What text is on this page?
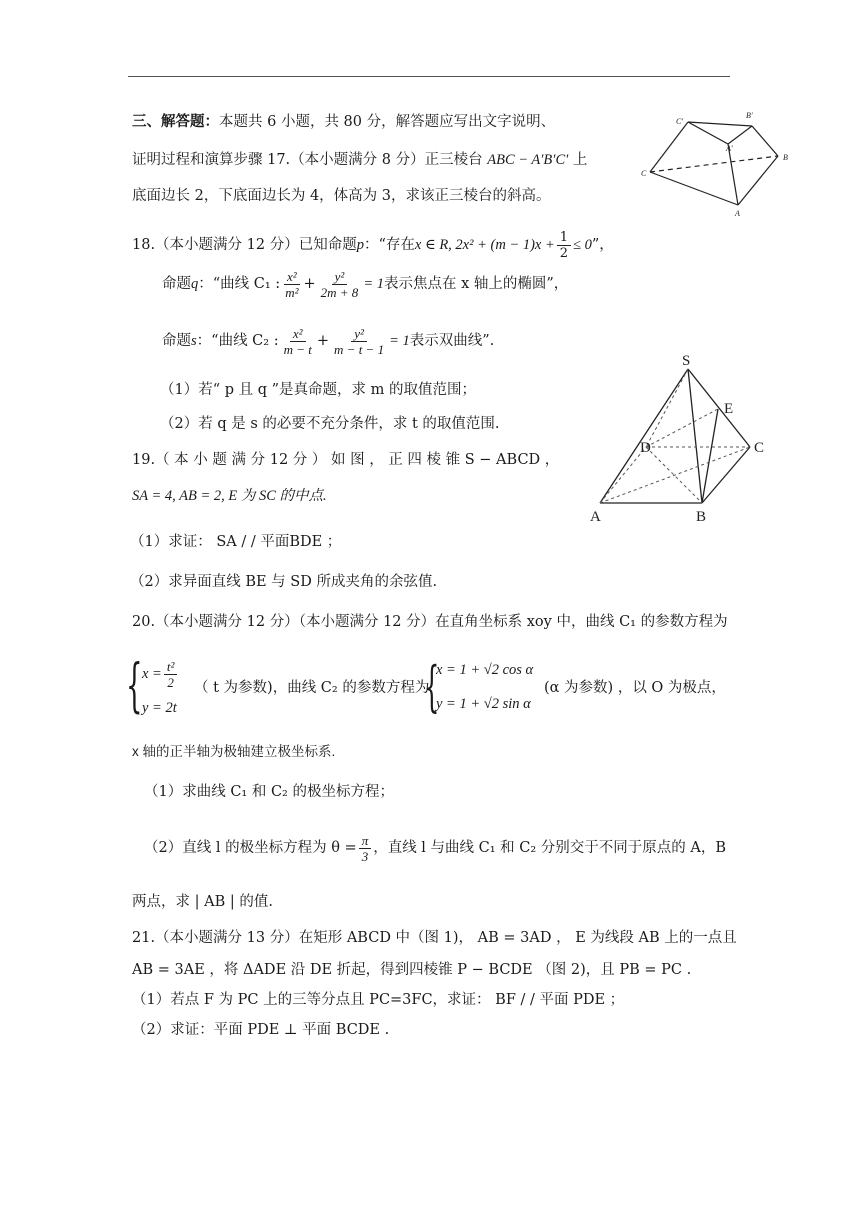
三、解答题：本题共 6 小题，共 80 分，解答题应写出文字说明、
证明过程和演算步骤 17.（本小题满分 8 分）正三棱台 ABC − A′B′C′ 上
底面边长 2，下底面边长为 4，体高为 3，求该正三棱台的斜高。
C′
B′
A′
C
B
A
18.（本小题满分 12 分）已知命题 p ：“存在 x ∈ R, $2x^2 + (m - 1)x + \frac{1}{2} \le 0$ ”，
命题 q ：“曲线 C₁ : $\frac{\text{x²}}{\text{m²}} + \frac{\text{y²}}{2m + 8} = 1$ 表示焦点在 x 轴上的椭圆”，
命题 s ：“曲线 C₂ : $\frac{\text{x²}}{m - t} + \frac{\text{y²}}{m - t - 1} = 1$ 表示双曲线”.
（1）若“ p 且 q ”是真命题，求 m 的取值范围；
（2）若 q 是 s 的必要不充分条件，求 t 的取值范围.
S
E
D	C
A	B
19.（ 本 小 题 满 分 12 分 ） 如 图 ， 正 四 棱 锥 S − ABCD ，
SA = 4, AB = 2, E 为 SC 的中点.
（1）求证： SA / / 平面BDE ；
（2）求异面直线 BE 与 SD 所成夹角的余弦值.
20.（本小题满分 12 分）（本小题满分 12 分）在直角坐标系 xoy 中，曲线 C₁ 的参数方程为
{ $x = \frac{\text{t²}}{2}$
y = 2t
（ t 为参数)，曲线 C₂ 的参数方程为
{
x = 1 + √2 cos α
y = 1 + √2 sin α
(α 为参数) ，以 O 为极点，
x 轴的正半轴为极轴建立极坐标系.
（1）求曲线 C₁ 和 C₂ 的极坐标方程；
（2）直线 l 的极坐标方程为 $\theta = \frac{\pi}{3}$ ，直线 l 与曲线 C₁ 和 C₂ 分别交于不同于原点的 A，B
两点，求 | AB | 的值.
21.（本小题满分 13 分）在矩形 ABCD 中（图 1)， AB = 3AD ， E 为线段 AB 上的一点且
AB = 3AE ，将 ΔADE 沿 DE 折起，得到四棱锥 P − BCDE （图 2)，且 PB = PC .
（1）若点 F 为 PC 上的三等分点且 PC=3FC，求证： BF / / 平面 PDE ；
（2）求证：平面 PDE ⊥ 平面 BCDE .
